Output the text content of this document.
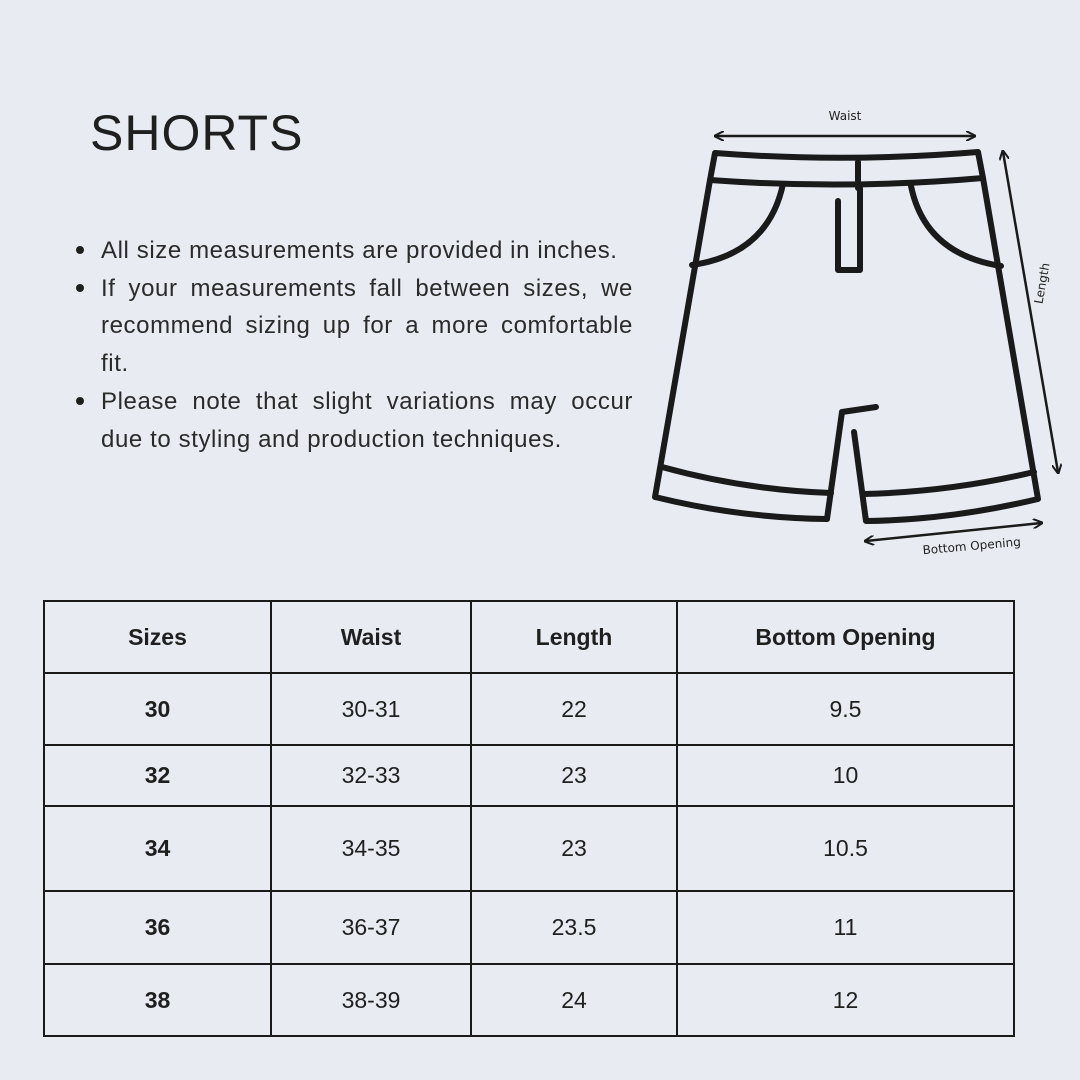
SHORTS
All size measurements are provided in inches.
If your measurements fall between sizes, we recommend sizing up for a more comfortable fit.
Please note that slight variations may occur due to styling and production techniques.
Waist
Length
Bottom Opening
Sizes	Waist	Length	Bottom Opening
30	30-31	22	9.5
32	32-33	23	10
34	34-35	23	10.5
36	36-37	23.5	11
38	38-39	24	12
